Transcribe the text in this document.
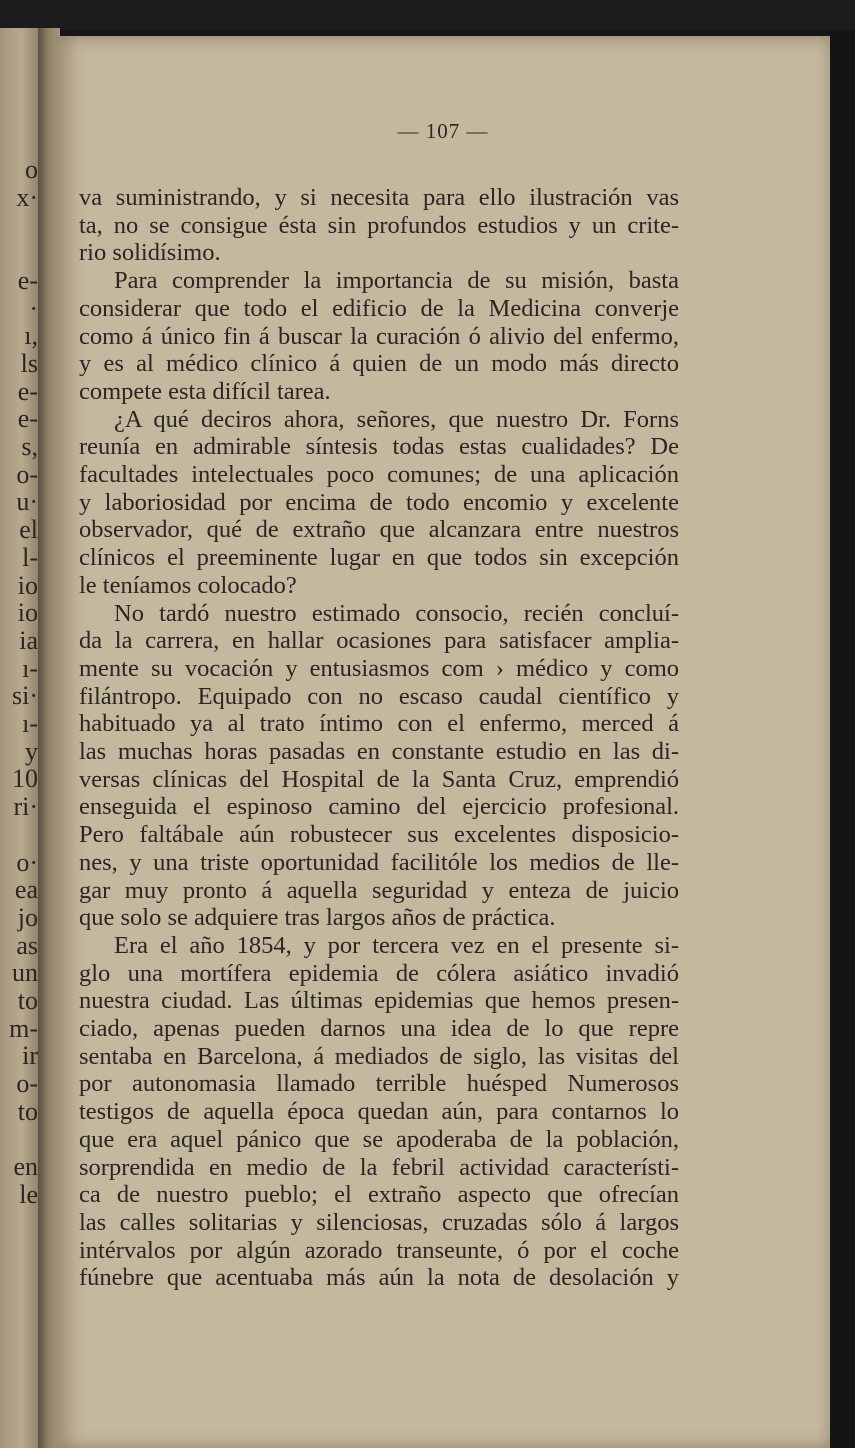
o
x·
e-
·
ı,
ls
e-
e-
s,
o-
u·
el
l-
io
io
ia
ı-
si·
ı-
y
10
ri·
o·
ea
jo
as
un
to
m-
ir
o-
to
en
le
— 107 —
va suministrando, y si necesita para ello ilustración vas
ta, no se consigue ésta sin profundos estudios y un crite-
rio solidísimo.
Para comprender la importancia de su misión, basta
considerar que todo el edificio de la Medicina converje
como á único fin á buscar la curación ó alivio del enfermo,
y es al médico clínico á quien de un modo más directo
compete esta difícil tarea.
¿A qué deciros ahora, señores, que nuestro Dr. Forns
reunía en admirable síntesis todas estas cualidades? De
facultades intelectuales poco comunes; de una aplicación
y laboriosidad por encima de todo encomio y excelente
observador, qué de extraño que alcanzara entre nuestros
clínicos el preeminente lugar en que todos sin excepción
le teníamos colocado?
No tardó nuestro estimado consocio, recién concluí-
da la carrera, en hallar ocasiones para satisfacer amplia-
mente su vocación y entusiasmos com › médico y como
filántropo. Equipado con no escaso caudal científico y
habituado ya al trato íntimo con el enfermo, merced á
las muchas horas pasadas en constante estudio en las di-
versas clínicas del Hospital de la Santa Cruz, emprendió
enseguida el espinoso camino del ejercicio profesional.
Pero faltábale aún robustecer sus excelentes disposicio-
nes, y una triste oportunidad facilitóle los medios de lle-
gar muy pronto á aquella seguridad y enteza de juicio
que solo se adquiere tras largos años de práctica.
Era el año 1854, y por tercera vez en el presente si-
glo una mortífera epidemia de cólera asiático invadió
nuestra ciudad. Las últimas epidemias que hemos presen-
ciado, apenas pueden darnos una idea de lo que repre
sentaba en Barcelona, á mediados de siglo, las visitas del
por autonomasia llamado terrible huésped Numerosos
testigos de aquella época quedan aún, para contarnos lo
que era aquel pánico que se apoderaba de la población,
sorprendida en medio de la febril actividad característi-
ca de nuestro pueblo; el extraño aspecto que ofrecían
las calles solitarias y silenciosas, cruzadas sólo á largos
intérvalos por algún azorado transeunte, ó por el coche
fúnebre que acentuaba más aún la nota de desolación y
